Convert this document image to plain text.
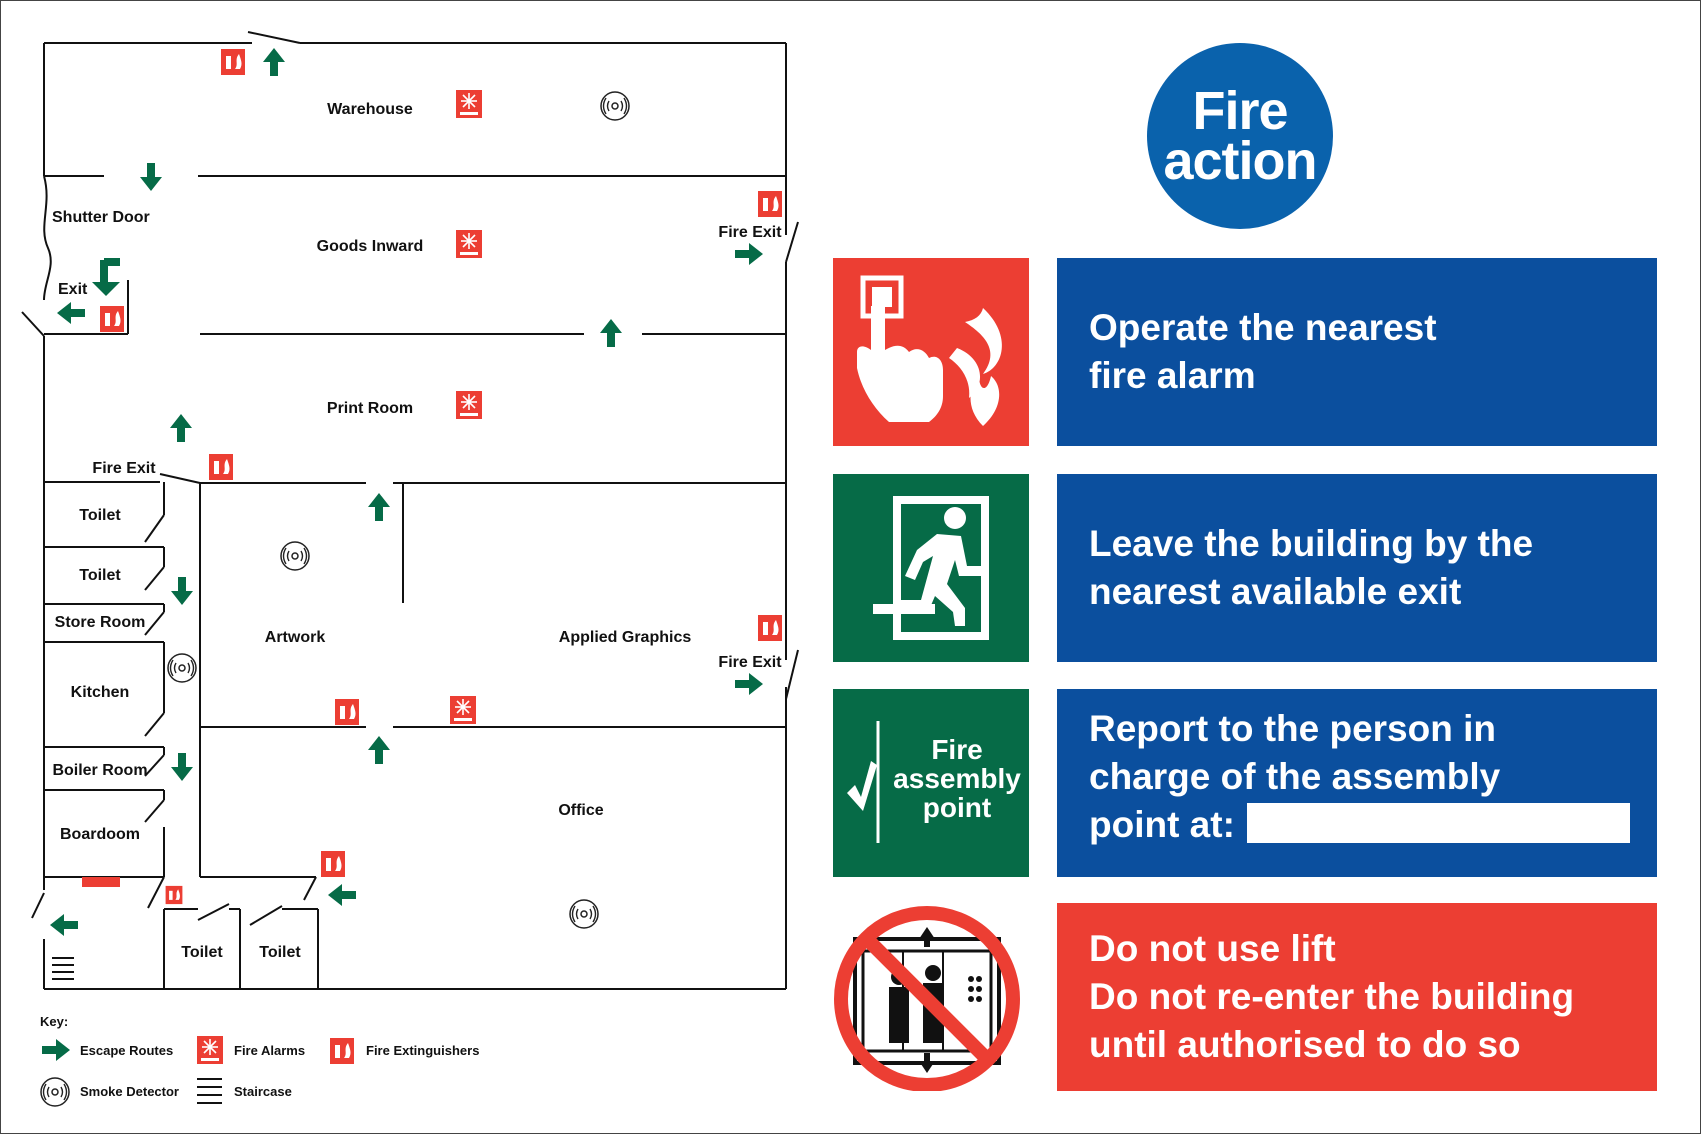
Warehouse
Shutter Door
Goods Inward
Exit
Print Room
Fire Exit
Toilet
Toilet
Store Room
Kitchen
Boiler Room
Boardoom
Artwork	Applied Graphics
Office
Toilet Toilet
Fire Exit
Fire Exit
Key:
Escape Routes	Fire Alarms	Fire Extinguishers
Smoke Detector	Staircase
Fire
action
Operate the nearest
fire alarm
Leave the building by the
nearest available exit
Fire
assembly
point
Report to the person in
charge of the assembly
point at:
Do not use lift
Do not re-enter the building
until authorised to do so
